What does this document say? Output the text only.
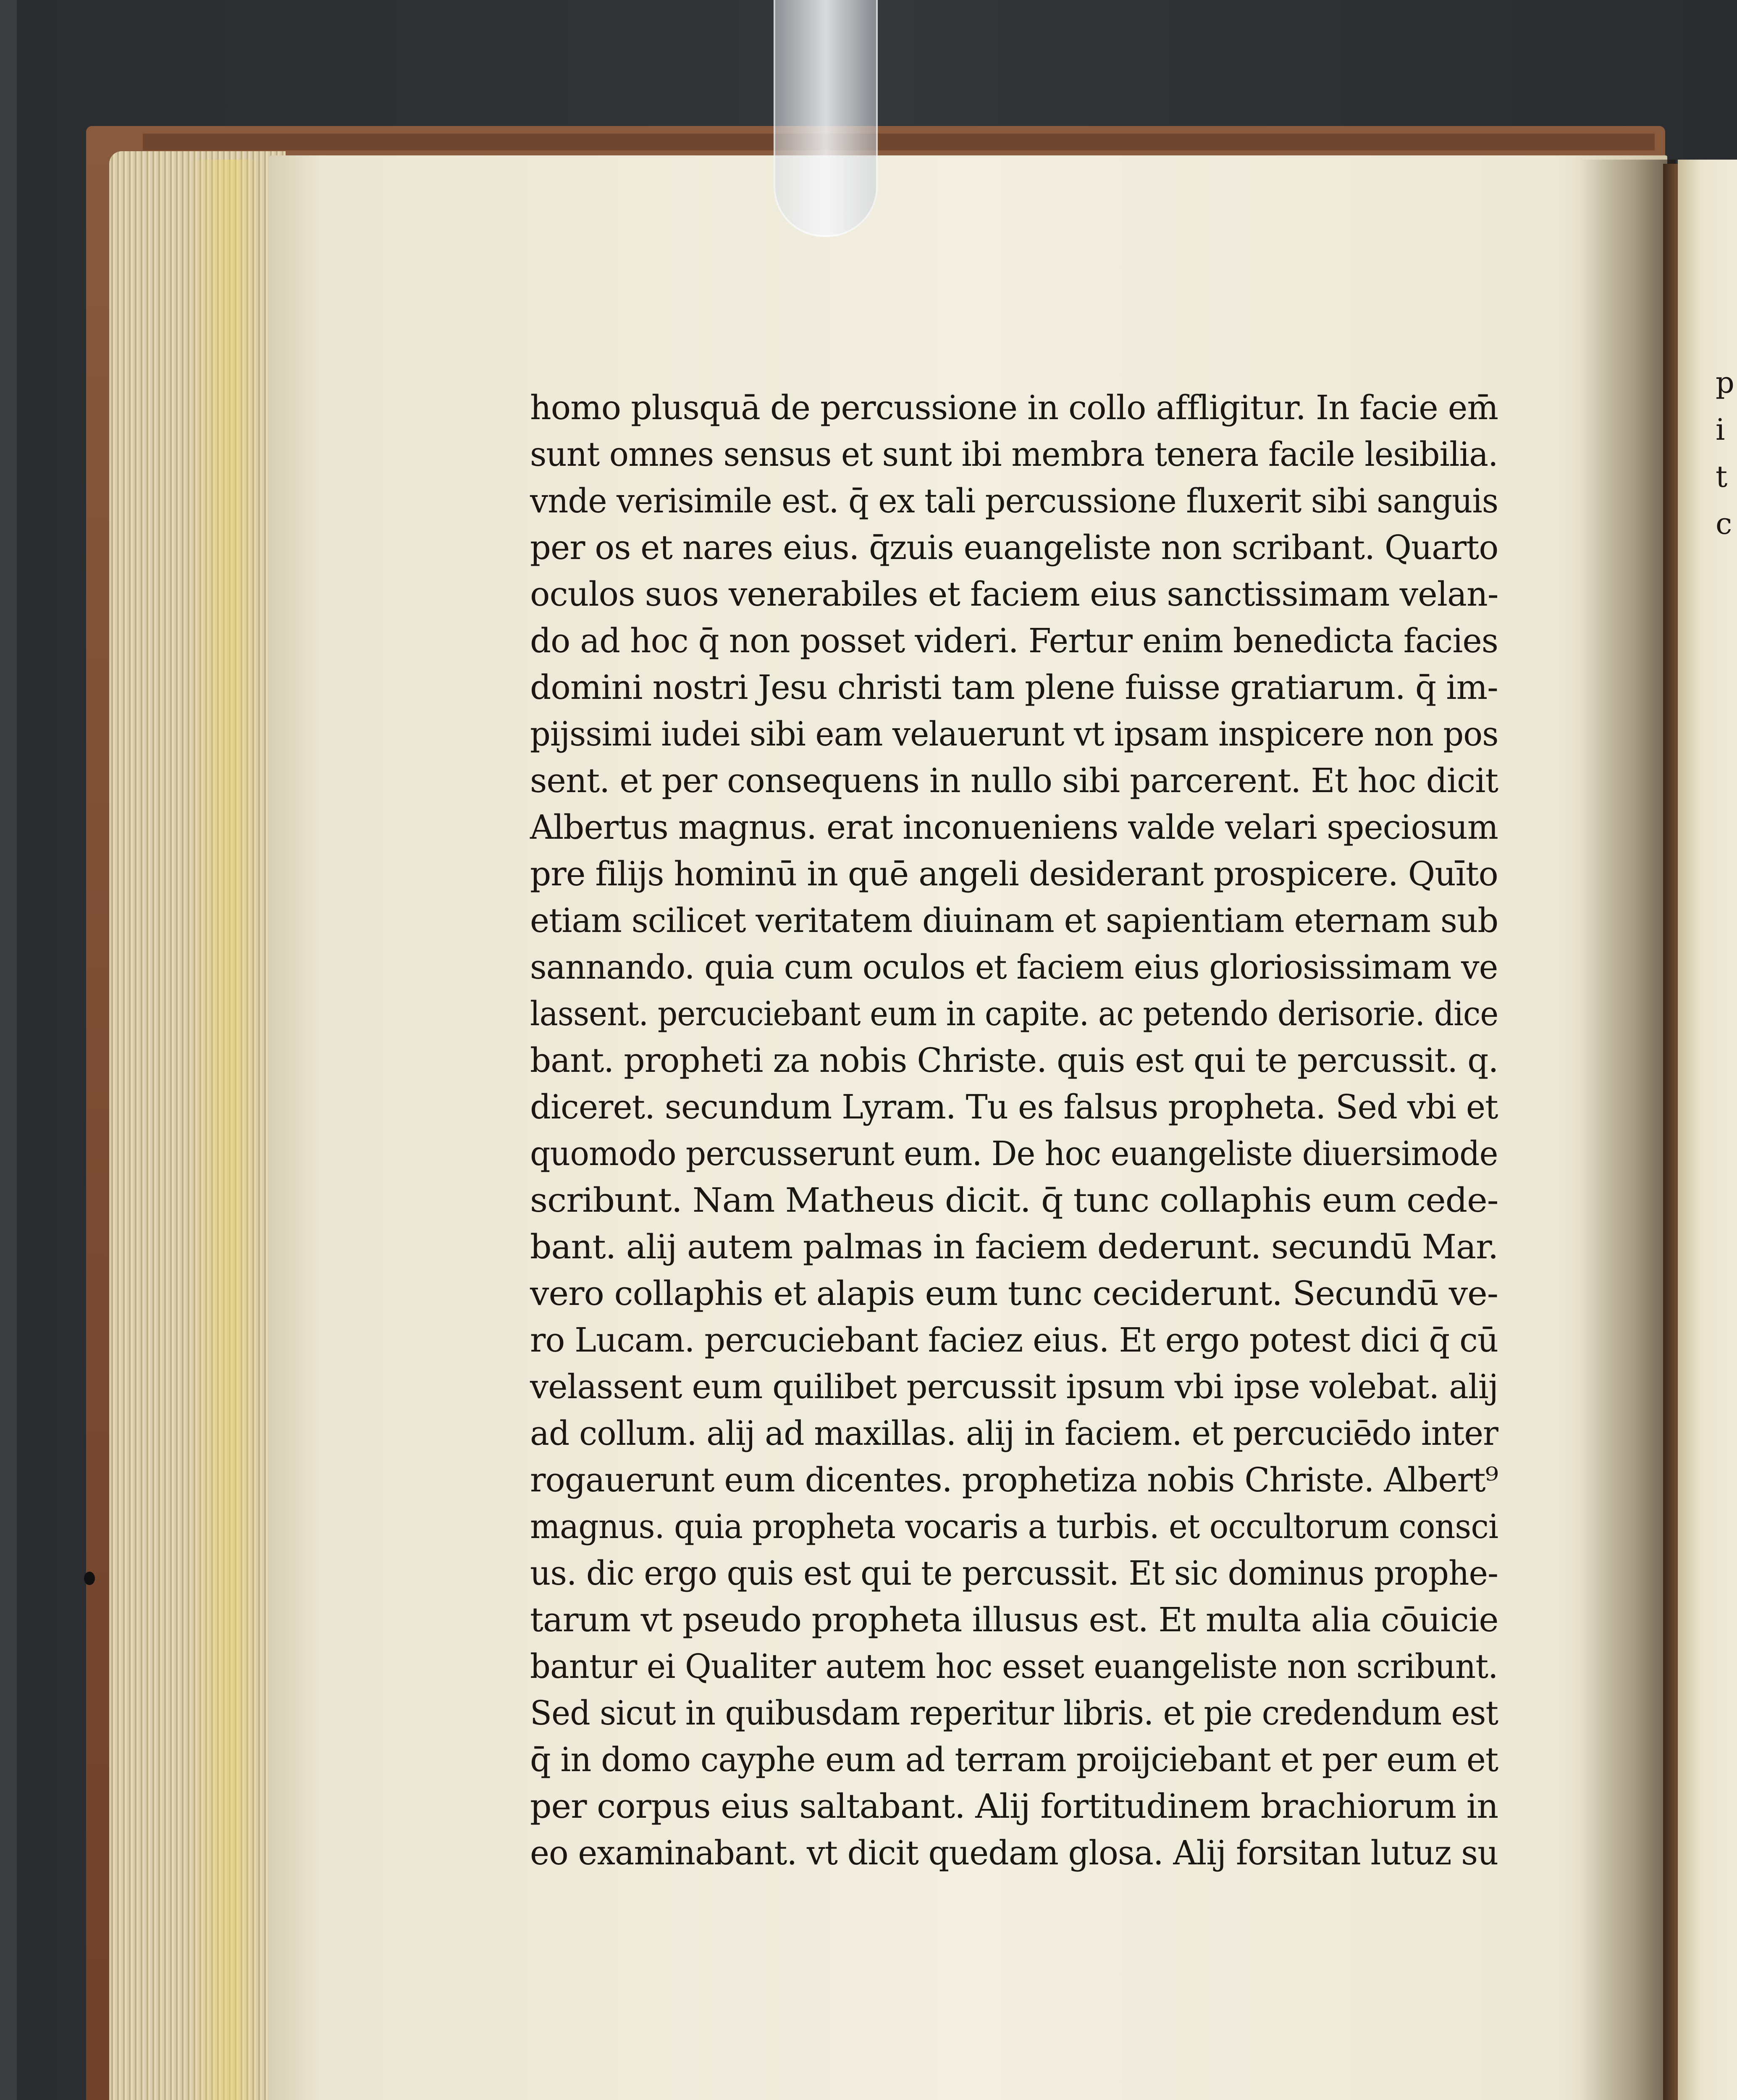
p
i
t
c
homo plusquā de percussione in collo affligitur. In facie em̄
sunt omnes sensus et sunt ibi membra tenera facile lesibilia.
vnde verisimile est. q̄ ex tali percussione fluxerit sibi sanguis
per os et nares eius. q̄zuis euangeliste non scribant. Quarto
oculos suos venerabiles et faciem eius sanctissimam velan-
do ad hoc q̄ non posset videri. Fertur enim benedicta facies
domini nostri Jesu christi tam plene fuisse gratiarum. q̄ im-
pijssimi iudei sibi eam velauerunt vt ipsam inspicere non pos
sent. et per consequens in nullo sibi parcerent. Et hoc dicit
Albertus magnus. erat inconueniens valde velari speciosum
pre filijs hominū in quē angeli desiderant prospicere. Quīto
etiam scilicet veritatem diuinam et sapientiam eternam sub
sannando. quia cum oculos et faciem eius gloriosissimam ve
lassent. percuciebant eum in capite. ac petendo derisorie. dice
bant. propheti za nobis Christe. quis est qui te percussit. q.
diceret. secundum Lyram. Tu es falsus propheta. Sed vbi et
quomodo percusserunt eum. De hoc euangeliste diuersimode
scribunt. Nam Matheus dicit. q̄ tunc collaphis eum cede-
bant. alij autem palmas in faciem dederunt. secundū Mar.
vero collaphis et alapis eum tunc ceciderunt. Secundū ve-
ro Lucam. percuciebant faciez eius. Et ergo potest dici q̄ cū
velassent eum quilibet percussit ipsum vbi ipse volebat. alij
ad collum. alij ad maxillas. alij in faciem. et percuciēdo inter
rogauerunt eum dicentes. prophetiza nobis Christe. Albert⁹
magnus. quia propheta vocaris a turbis. et occultorum consci
us. dic ergo quis est qui te percussit. Et sic dominus prophe-
tarum vt pseudo propheta illusus est. Et multa alia cōuicie
bantur ei Qualiter autem hoc esset euangeliste non scribunt.
Sed sicut in quibusdam reperitur libris. et pie credendum est
q̄ in domo cayphe eum ad terram proijciebant et per eum et
per corpus eius saltabant. Alij fortitudinem brachiorum in
eo examinabant. vt dicit quedam glosa. Alij forsitan lutuz su
